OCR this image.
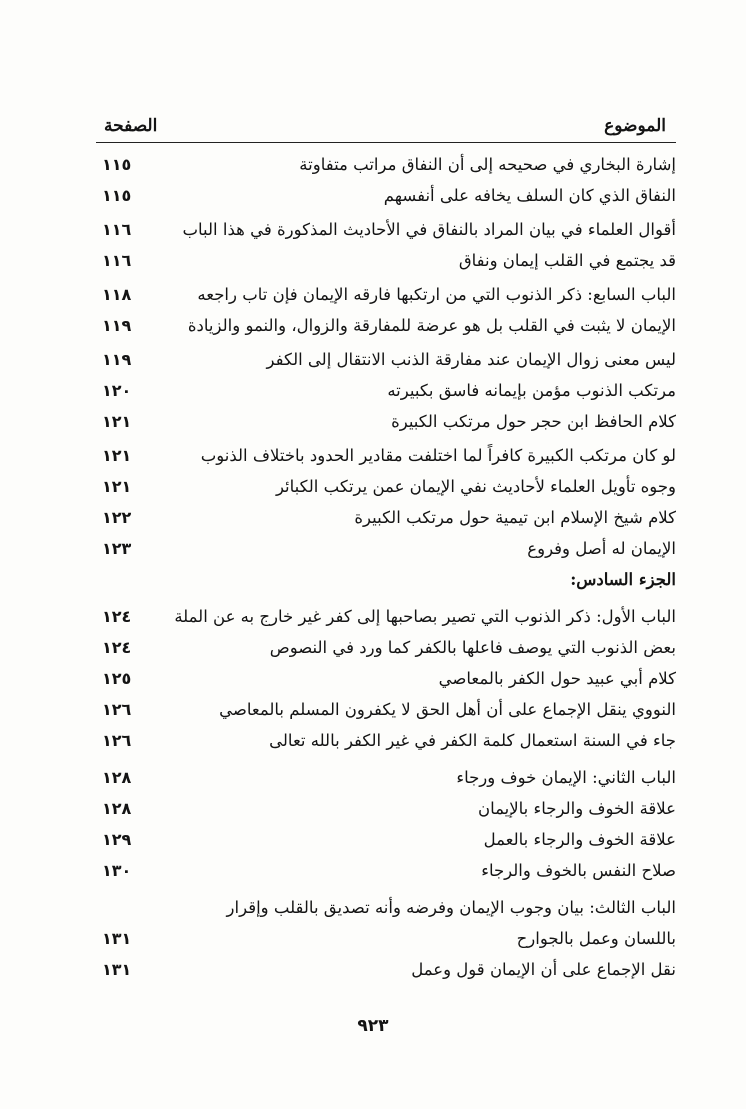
الموضوع
الصفحة
إشارة البخاري في صحيحه إلى أن النفاق مراتب متفاوتة
١١٥
النفاق الذي كان السلف يخافه على أنفسهم
١١٥
أقوال العلماء في بيان المراد بالنفاق في الأحاديث المذكورة في هذا الباب
١١٦
قد يجتمع في القلب إيمان ونفاق
١١٦
الباب السابع: ذكر الذنوب التي من ارتكبها فارقه الإيمان فإن تاب راجعه
١١٨
الإيمان لا يثبت في القلب بل هو عرضة للمفارقة والزوال، والنمو والزيادة
١١٩
ليس معنى زوال الإيمان عند مفارقة الذنب الانتقال إلى الكفر
١١٩
مرتكب الذنوب مؤمن بإيمانه فاسق بكبيرته
١٢٠
كلام الحافظ ابن حجر حول مرتكب الكبيرة
١٢١
لو كان مرتكب الكبيرة كافراً لما اختلفت مقادير الحدود باختلاف الذنوب
١٢١
وجوه تأويل العلماء لأحاديث نفي الإيمان عمن يرتكب الكبائر
١٢١
كلام شيخ الإسلام ابن تيمية حول مرتكب الكبيرة
١٢٢
الإيمان له أصل وفروع
١٢٣
الجزء السادس:
الباب الأول: ذكر الذنوب التي تصير بصاحبها إلى كفر غير خارج به عن الملة
١٢٤
بعض الذنوب التي يوصف فاعلها بالكفر كما ورد في النصوص
١٢٤
كلام أبي عبيد حول الكفر بالمعاصي
١٢٥
النووي ينقل الإجماع على أن أهل الحق لا يكفرون المسلم بالمعاصي
١٢٦
جاء في السنة استعمال كلمة الكفر في غير الكفر بالله تعالى
١٢٦
الباب الثاني: الإيمان خوف ورجاء
١٢٨
علاقة الخوف والرجاء بالإيمان
١٢٨
علاقة الخوف والرجاء بالعمل
١٢٩
صلاح النفس بالخوف والرجاء
١٣٠
الباب الثالث: بيان وجوب الإيمان وفرضه وأنه تصديق بالقلب وإقرار
باللسان وعمل بالجوارح
١٣١
نقل الإجماع على أن الإيمان قول وعمل
١٣١
٩٢٣
